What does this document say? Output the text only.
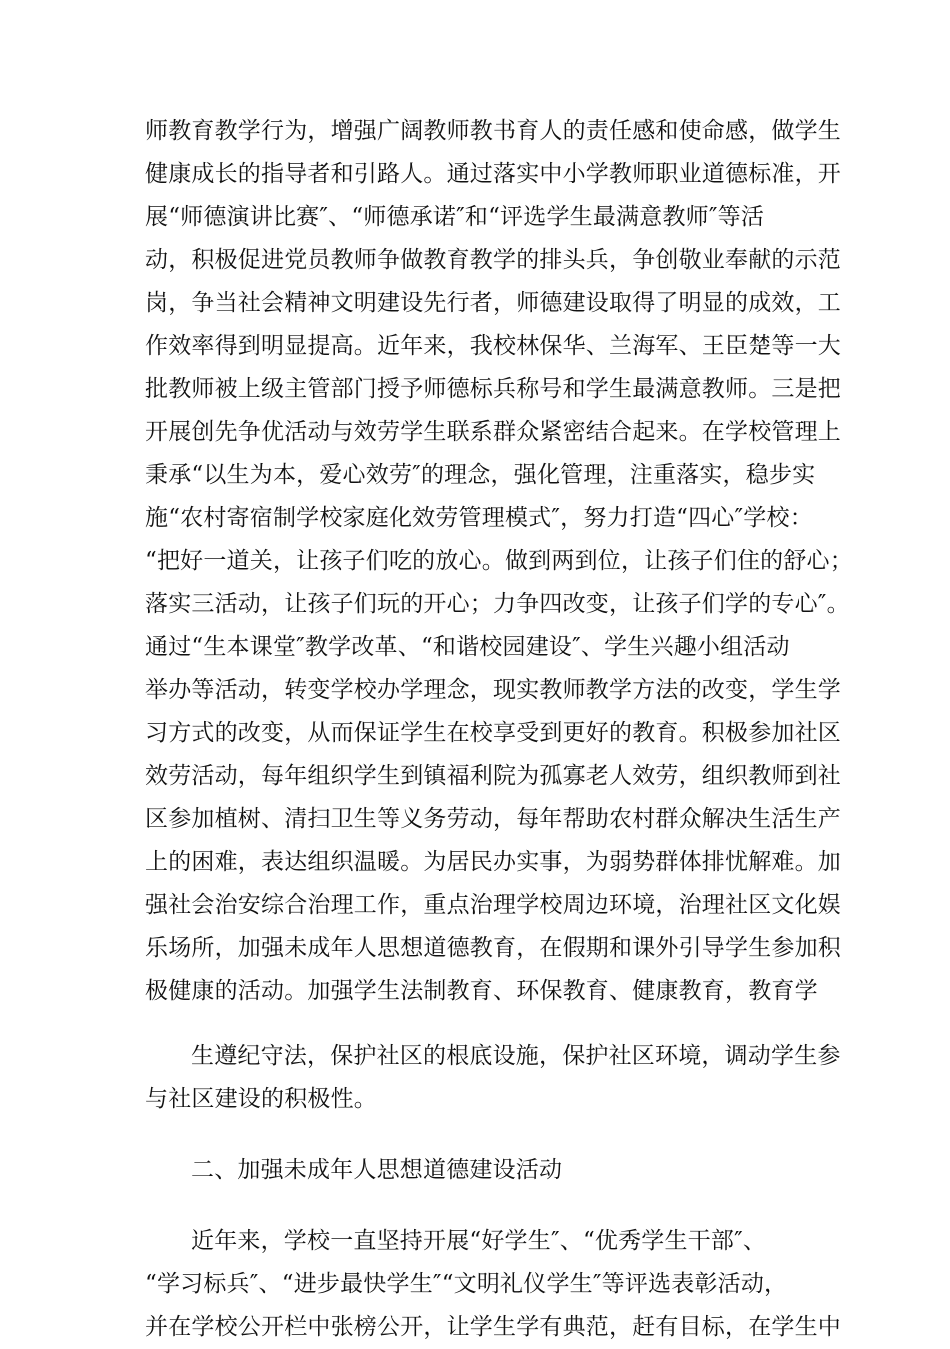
师教育教学行为，增强广阔教师教书育人的责任感和使命感，做学生
健康成长的指导者和引路人。通过落实中小学教师职业道德标准，开
展“师德演讲比赛″、“师德承诺″和“评选学生最满意教师″等活
动，积极促进党员教师争做教育教学的排头兵，争创敬业奉献的示范
岗，争当社会精神文明建设先行者，师德建设取得了明显的成效，工
作效率得到明显提高。近年来，我校林保华、兰海军、王臣楚等一大
批教师被上级主管部门授予师德标兵称号和学生最满意教师。三是把
开展创先争优活动与效劳学生联系群众紧密结合起来。在学校管理上
秉承“以生为本，爱心效劳″的理念，强化管理，注重落实，稳步实
施“农村寄宿制学校家庭化效劳管理模式″，努力打造“四心″学校：
“把好一道关，让孩子们吃的放心。做到两到位，让孩子们住的舒心；
落实三活动，让孩子们玩的开心；力争四改变，让孩子们学的专心″。
通过“生本课堂″教学改革、“和谐校园建设″、学生兴趣小组活动
举办等活动，转变学校办学理念，现实教师教学方法的改变，学生学
习方式的改变，从而保证学生在校享受到更好的教育。积极参加社区
效劳活动，每年组织学生到镇福利院为孤寡老人效劳，组织教师到社
区参加植树、清扫卫生等义务劳动，每年帮助农村群众解决生活生产
上的困难，表达组织温暖。为居民办实事，为弱势群体排忧解难。加
强社会治安综合治理工作，重点治理学校周边环境，治理社区文化娱
乐场所，加强未成年人思想道德教育，在假期和课外引导学生参加积
极健康的活动。加强学生法制教育、环保教育、健康教育，教育学
生遵纪守法，保护社区的根底设施，保护社区环境，调动学生参
与社区建设的积极性。
二、加强未成年人思想道德建设活动
近年来，学校一直坚持开展“好学生″、“优秀学生干部″、
“学习标兵″、“进步最快学生″“文明礼仪学生″等评选表彰活动，
并在学校公开栏中张榜公开，让学生学有典范，赶有目标，在学生中
